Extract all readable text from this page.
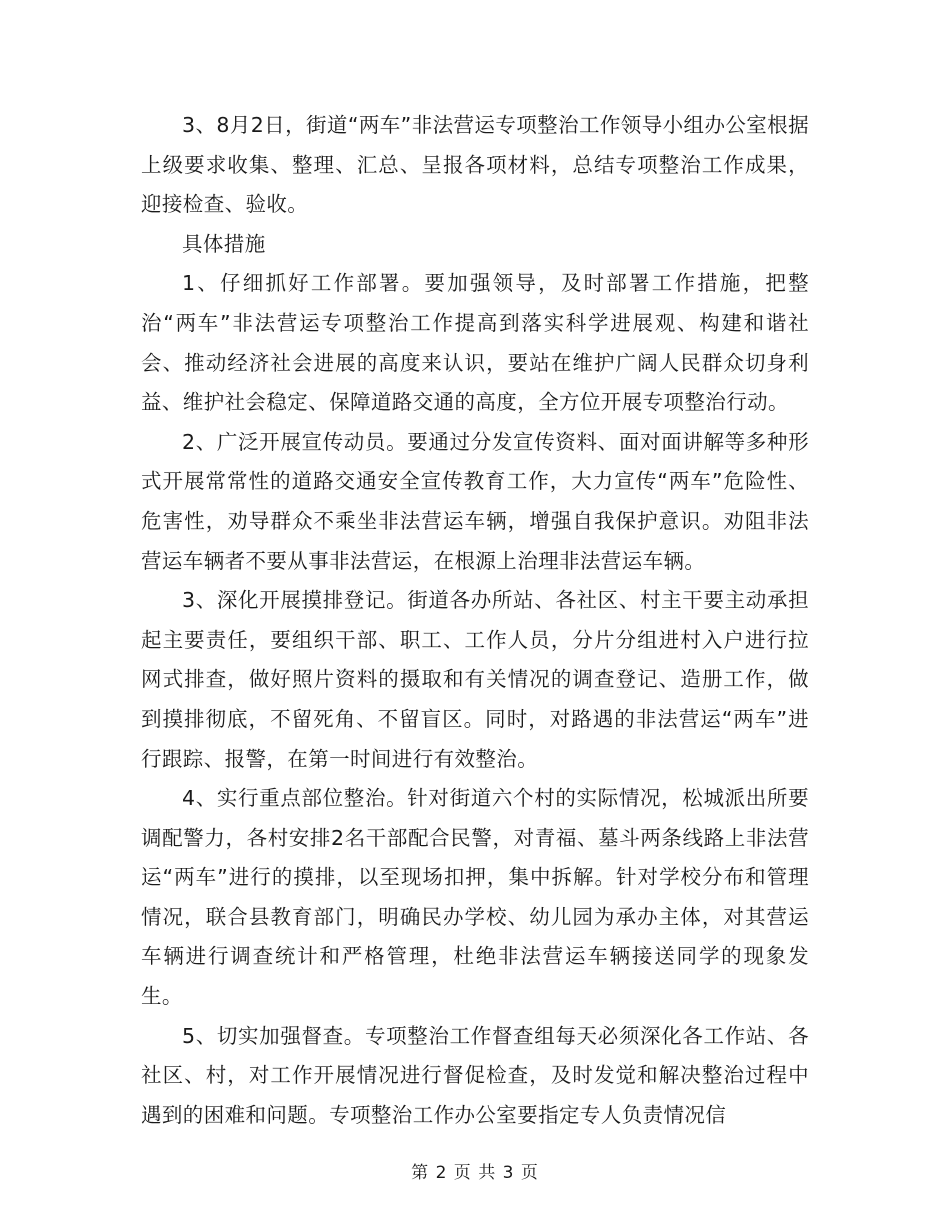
3、8月2日，街道“两车”非法营运专项整治工作领导小组办公室根据上级要求收集、整理、汇总、呈报各项材料，总结专项整治工作成果，迎接检查、验收。

具体措施

1、仔细抓好工作部署。要加强领导，及时部署工作措施，把整治“两车”非法营运专项整治工作提高到落实科学进展观、构建和谐社会、推动经济社会进展的高度来认识，要站在维护广阔人民群众切身利益、维护社会稳定、保障道路交通的高度，全方位开展专项整治行动。

2、广泛开展宣传动员。要通过分发宣传资料、面对面讲解等多种形式开展常常性的道路交通安全宣传教育工作，大力宣传“两车”危险性、危害性，劝导群众不乘坐非法营运车辆，增强自我保护意识。劝阻非法营运车辆者不要从事非法营运，在根源上治理非法营运车辆。

3、深化开展摸排登记。街道各办所站、各社区、村主干要主动承担起主要责任，要组织干部、职工、工作人员，分片分组进村入户进行拉网式排查，做好照片资料的摄取和有关情况的调查登记、造册工作，做到摸排彻底，不留死角、不留盲区。同时，对路遇的非法营运“两车”进行跟踪、报警，在第一时间进行有效整治。

4、实行重点部位整治。针对街道六个村的实际情况，松城派出所要调配警力，各村安排2名干部配合民警，对青福、墓斗两条线路上非法营运“两车”进行的摸排，以至现场扣押，集中拆解。针对学校分布和管理情况，联合县教育部门，明确民办学校、幼儿园为承办主体，对其营运车辆进行调查统计和严格管理，杜绝非法营运车辆接送同学的现象发生。

5、切实加强督查。专项整治工作督查组每天必须深化各工作站、各社区、村，对工作开展情况进行督促检查，及时发觉和解决整治过程中遇到的困难和问题。专项整治工作办公室要指定专人负责情况信

第 2 页 共 3 页
